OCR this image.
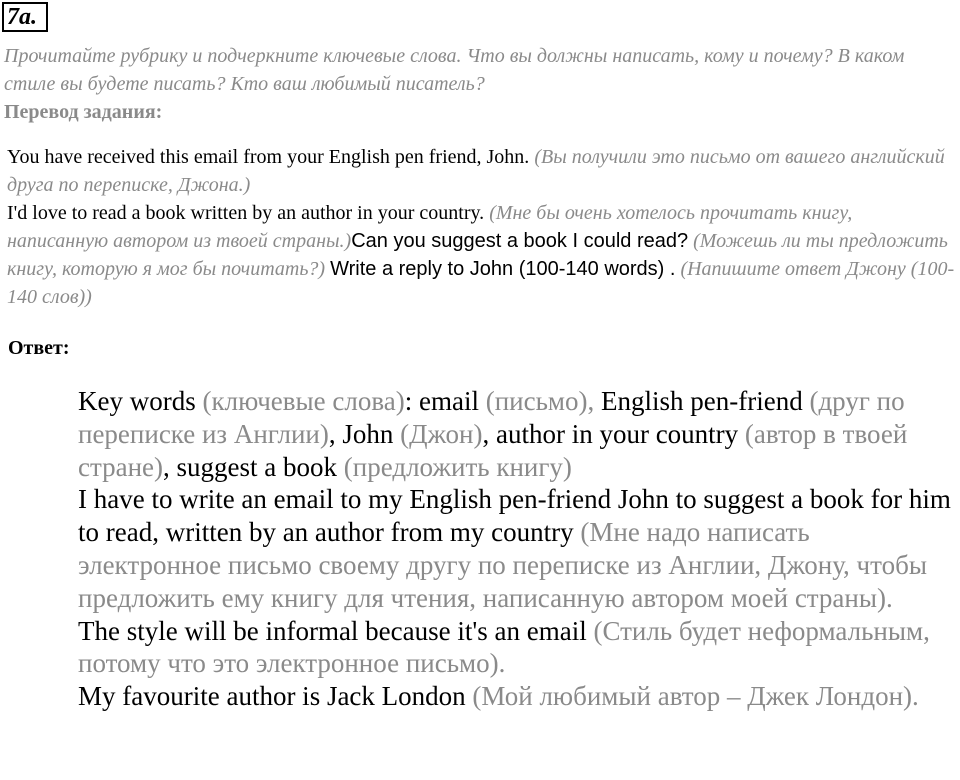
7a.
Прочитайте рубрику и подчеркните ключевые слова. Что вы должны написать, кому и почему? В каком стиле вы будете писать? Кто ваш любимый писатель?
Перевод задания:
You have received this email from your English pen friend, John. (Вы получили это письмо от вашего английский друга по переписке, Джона.)
I'd love to read a book written by an author in your country. (Мне бы очень хотелось прочитать книгу, написанную автором из твоей страны.)Can you suggest a book I could read? (Можешь ли ты предложить книгу, которую я мог бы почитать?) Write a reply to John (100-140 words) . (Напишите ответ Джону (100-140 слов))
Ответ:

Key words (ключевые слова): email (письмо), English pen-friend (друг по переписке из Англии), John (Джон), author in your country (автор в твоей стране), suggest a book (предложить книгу)

I have to write an email to my English pen-friend John to suggest a book for him to read, written by an author from my country (Мне надо написать электронное письмо своему другу по переписке из Англии, Джону, чтобы предложить ему книгу для чтения, написанную автором моей страны).

The style will be informal because it's an email (Стиль будет неформальным, потому что это электронное письмо).

My favourite author is Jack London (Мой любимый автор – Джек Лондон).
